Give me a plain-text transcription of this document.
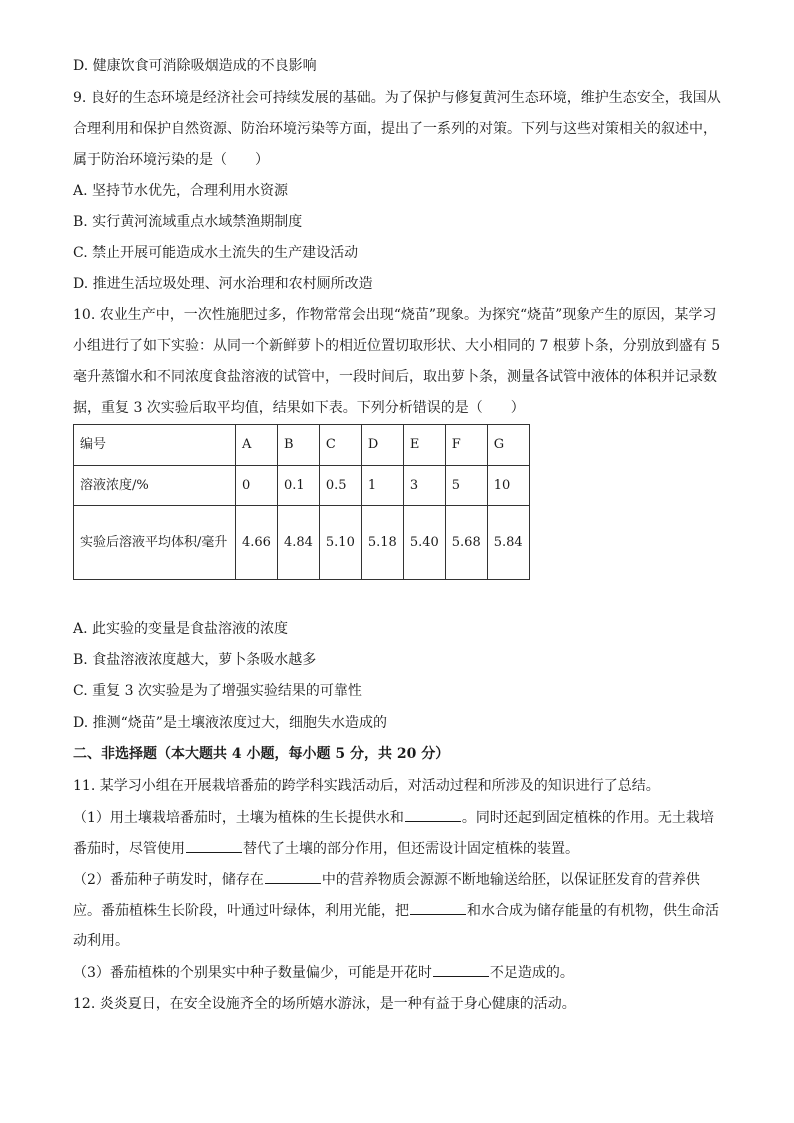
D. 健康饮食可消除吸烟造成的不良影响
9. 良好的生态环境是经济社会可持续发展的基础。为了保护与修复黄河生态环境，维护生态安全，我国从
合理利用和保护自然资源、防治环境污染等方面，提出了一系列的对策。下列与这些对策相关的叙述中，
属于防治环境污染的是（　　）
A. 坚持节水优先，合理利用水资源
B. 实行黄河流域重点水域禁渔期制度
C. 禁止开展可能造成水土流失的生产建设活动
D. 推进生活垃圾处理、河水治理和农村厕所改造
10. 农业生产中，一次性施肥过多，作物常常会出现“烧苗”现象。为探究“烧苗”现象产生的原因，某学习
小组进行了如下实验：从同一个新鲜萝卜的相近位置切取形状、大小相同的 7 根萝卜条，分别放到盛有 5
毫升蒸馏水和不同浓度食盐溶液的试管中，一段时间后，取出萝卜条，测量各试管中液体的体积并记录数
据，重复 3 次实验后取平均值，结果如下表。下列分析错误的是（　　）
编号	A	B	C	D	E	F	G
溶液浓度/%	0	0.1	0.5	1	3	5	10
实验后溶液平均体积/毫升	4.66	4.84	5.10	5.18	5.40	5.68	5.84
A. 此实验的变量是食盐溶液的浓度
B. 食盐溶液浓度越大，萝卜条吸水越多
C. 重复 3 次实验是为了增强实验结果的可靠性
D. 推测“烧苗”是土壤液浓度过大，细胞失水造成的
二、非选择题（本大题共 4 小题，每小题 5 分，共 20 分）
11. 某学习小组在开展栽培番茄的跨学科实践活动后，对活动过程和所涉及的知识进行了总结。
（1）用土壤栽培番茄时，土壤为植株的生长提供水和	。同时还起到固定植株的作用。无土栽培
番茄时，尽管使用	替代了土壤的部分作用，但还需设计固定植株的装置。
（2）番茄种子萌发时，储存在	中的营养物质会源源不断地输送给胚，以保证胚发育的营养供
应。番茄植株生长阶段，叶通过叶绿体，利用光能，把	和水合成为储存能量的有机物，供生命活
动利用。
（3）番茄植株的个别果实中种子数量偏少，可能是开花时	不足造成的。
12. 炎炎夏日，在安全设施齐全的场所嬉水游泳，是一种有益于身心健康的活动。
